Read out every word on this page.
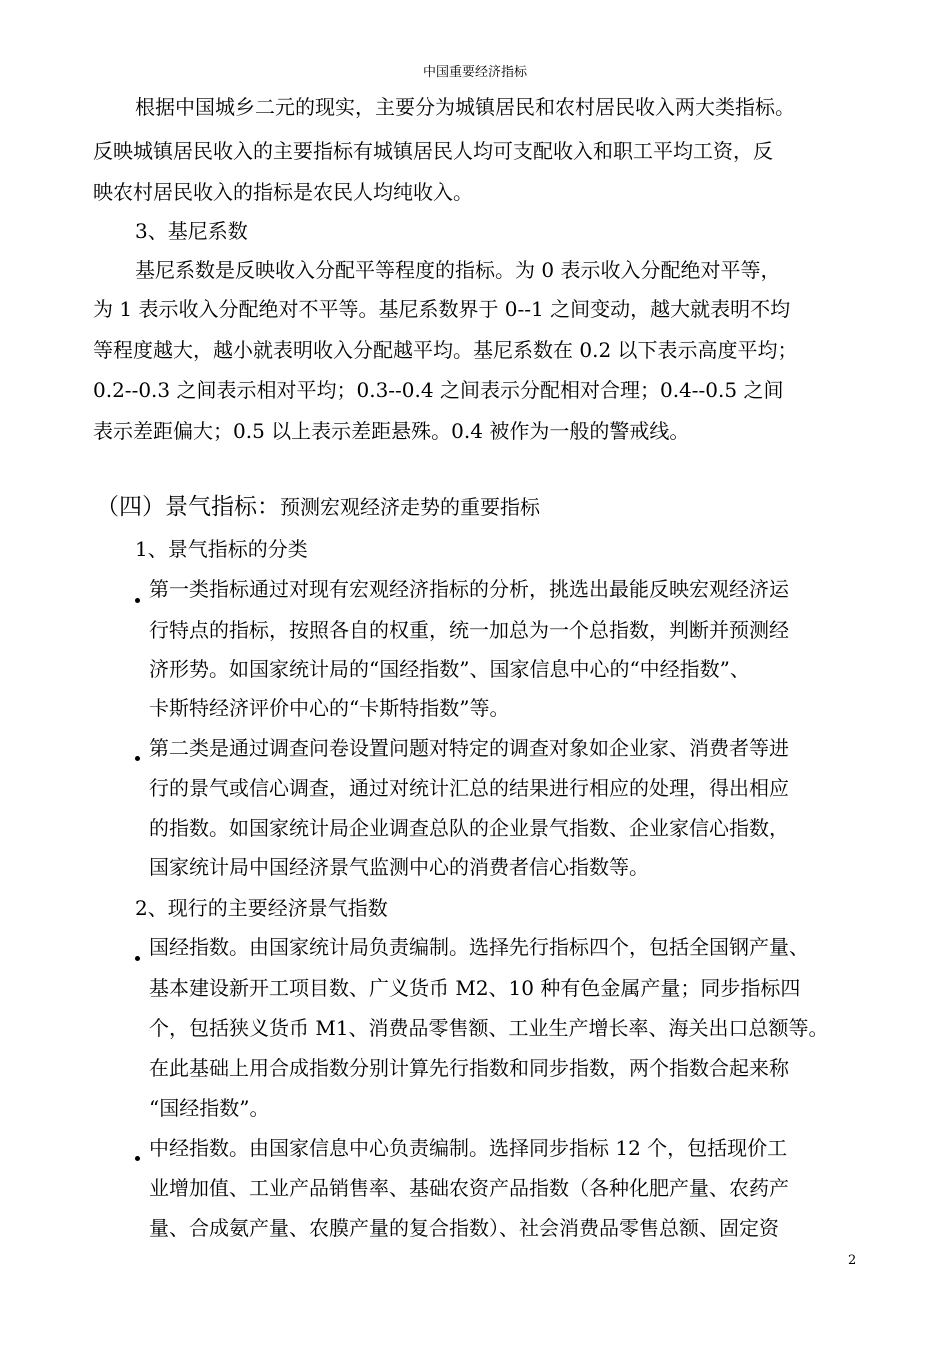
中国重要经济指标
根据中国城乡二元的现实，主要分为城镇居民和农村居民收入两大类指标。
反映城镇居民收入的主要指标有城镇居民人均可支配收入和职工平均工资，反
映农村居民收入的指标是农民人均纯收入。
3、基尼系数
基尼系数是反映收入分配平等程度的指标。为 0 表示收入分配绝对平等，
为 1 表示收入分配绝对不平等。基尼系数界于 0--1 之间变动，越大就表明不均
等程度越大，越小就表明收入分配越平均。基尼系数在 0.2 以下表示高度平均；
0.2--0.3 之间表示相对平均；0.3--0.4 之间表示分配相对合理；0.4--0.5 之间
表示差距偏大；0.5 以上表示差距悬殊。0.4 被作为一般的警戒线。
（四）景气指标：预测宏观经济走势的重要指标
1、景气指标的分类
第一类指标通过对现有宏观经济指标的分析，挑选出最能反映宏观经济运
行特点的指标，按照各自的权重，统一加总为一个总指数，判断并预测经
济形势。如国家统计局的“国经指数”、国家信息中心的“中经指数”、
卡斯特经济评价中心的“卡斯特指数”等。
第二类是通过调查问卷设置问题对特定的调查对象如企业家、消费者等进
行的景气或信心调查，通过对统计汇总的结果进行相应的处理，得出相应
的指数。如国家统计局企业调查总队的企业景气指数、企业家信心指数，
国家统计局中国经济景气监测中心的消费者信心指数等。
2、现行的主要经济景气指数
国经指数。由国家统计局负责编制。选择先行指标四个，包括全国钢产量、
基本建设新开工项目数、广义货币 M2、10 种有色金属产量；同步指标四
个，包括狭义货币 M1、消费品零售额、工业生产增长率、海关出口总额等。
在此基础上用合成指数分别计算先行指数和同步指数，两个指数合起来称
“国经指数”。
中经指数。由国家信息中心负责编制。选择同步指标 12 个，包括现价工
业增加值、工业产品销售率、基础农资产品指数（各种化肥产量、农药产
量、合成氨产量、农膜产量的复合指数）、社会消费品零售总额、固定资
2
